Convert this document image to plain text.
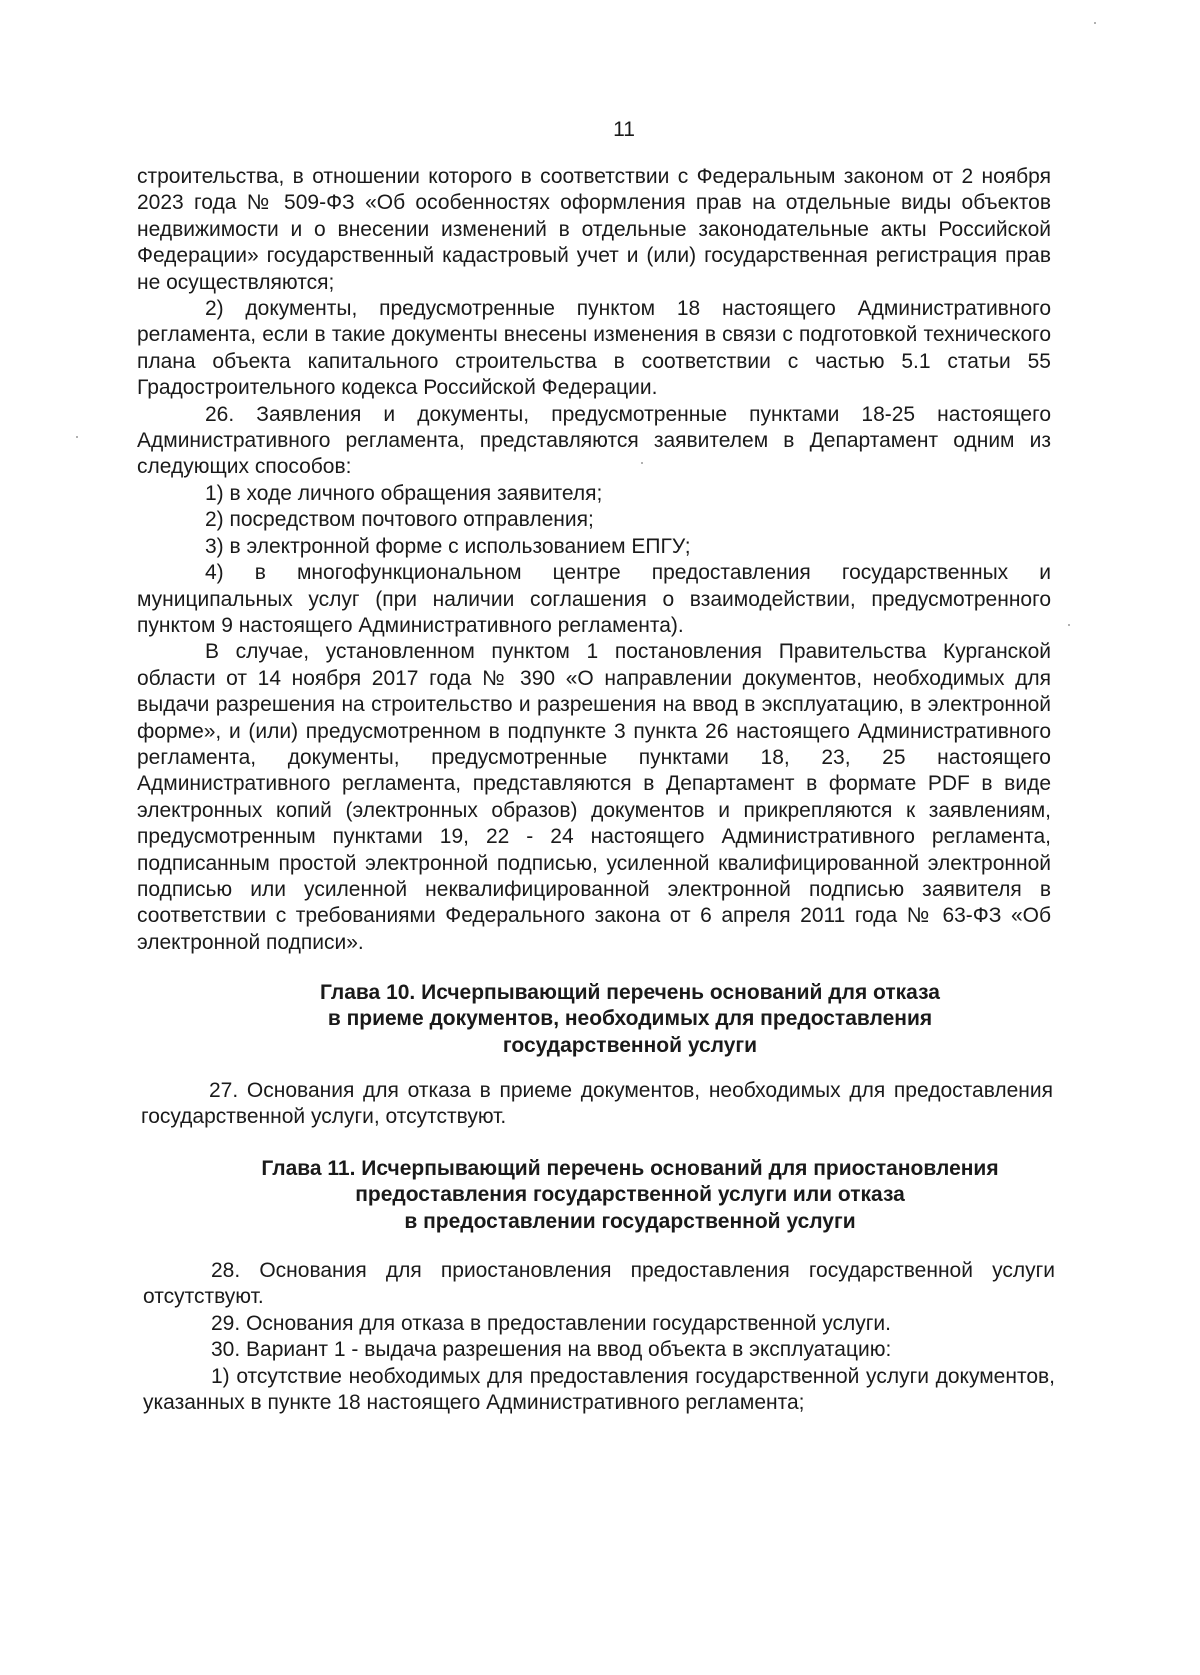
11

строительства, в отношении которого в соответствии с Федеральным законом от 2 ноября 2023 года № 509-ФЗ «Об особенностях оформления прав на отдельные виды объектов недвижимости и о внесении изменений в отдельные законодательные акты Российской Федерации» государственный кадастровый учет и (или) государственная регистрация прав не осуществляются;

2) документы, предусмотренные пунктом 18 настоящего Административного регламента, если в такие документы внесены изменения в связи с подготовкой технического плана объекта капитального строительства в соответствии с частью 5.1 статьи 55 Градостроительного кодекса Российской Федерации.

26. Заявления и документы, предусмотренные пунктами 18-25 настоящего Административного регламента, представляются заявителем в Департамент одним из следующих способов:

1) в ходе личного обращения заявителя;

2) посредством почтового отправления;

3) в электронной форме с использованием ЕПГУ;

4) в многофункциональном центре предоставления государственных и муниципальных услуг (при наличии соглашения о взаимодействии, предусмотренного пунктом 9 настоящего Административного регламента).

В случае, установленном пунктом 1 постановления Правительства Курганской области от 14 ноября 2017 года № 390 «О направлении документов, необходимых для выдачи разрешения на строительство и разрешения на ввод в эксплуатацию, в электронной форме», и (или) предусмотренном в подпункте 3 пункта 26 настоящего Административного регламента, документы, предусмотренные пунктами 18, 23, 25 настоящего Административного регламента, представляются в Департамент в формате PDF в виде электронных копий (электронных образов) документов и прикрепляются к заявлениям, предусмотренным пунктами 19, 22 - 24 настоящего Административного регламента, подписанным простой электронной подписью, усиленной квалифицированной электронной подписью или усиленной неквалифицированной электронной подписью заявителя в соответствии с требованиями Федерального закона от 6 апреля 2011 года № 63-ФЗ «Об электронной подписи».

Глава 10. Исчерпывающий перечень оснований для отказа
в приеме документов, необходимых для предоставления
государственной услуги

27. Основания для отказа в приеме документов, необходимых для предоставления государственной услуги, отсутствуют.

Глава 11. Исчерпывающий перечень оснований для приостановления
предоставления государственной услуги или отказа
в предоставлении государственной услуги

28. Основания для приостановления предоставления государственной услуги отсутствуют.

29. Основания для отказа в предоставлении государственной услуги.

30. Вариант 1 - выдача разрешения на ввод объекта в эксплуатацию:

1) отсутствие необходимых для предоставления государственной услуги документов, указанных в пункте 18 настоящего Административного регламента;
